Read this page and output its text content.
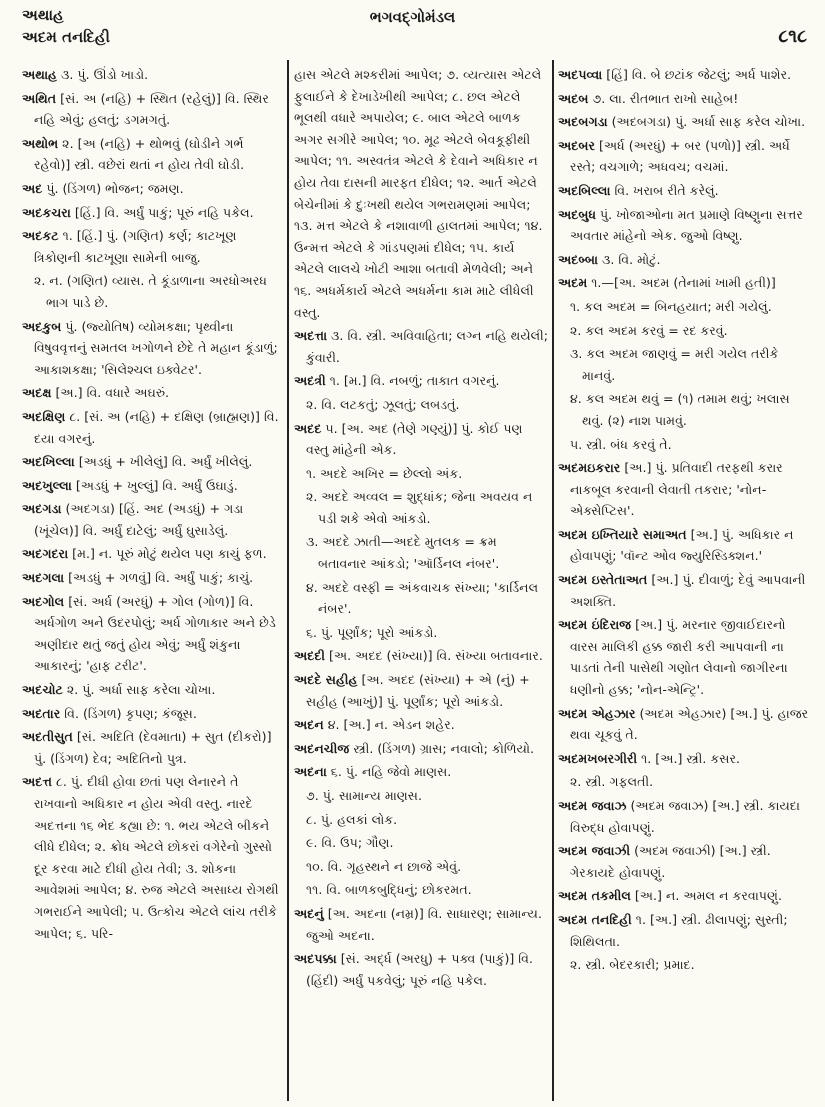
અથાહ
અદમ તનદિહી
ભગવદ્ગોમંડલ
૮૧૮
અથાહ ૩. પું. ઊંડો ખાડો.
અથિત [સં. અ (નહિ) + સ્થિત (રહેલું)] વિ. સ્થિર નહિ એવું; હલતું; ડગમગતું.
અથોભ ૨. [અ (નહિ) + થોભવું (ઘોડીને ગર્ભ રહેવો)] સ્ત્રી. વછેરાં થતાં ન હોય તેવી ઘોડી.
અદ પું. (ડિંગળ) ભોજન; જમણ.
અદકચરા [હિં.] વિ. અર્ધું પાકું; પૂરું નહિ પકેલ.
અદકટ ૧. [હિં.] પું. (ગણિત) કર્ણ; કાટખૂણ ત્રિકોણની કાટખૂણા સામેની બાજુ.
૨. ન. (ગણિત) વ્યાસ. તે કૂંડાળાના અરધોઅરધ ભાગ પાડે છે.
અદકુબ પું. (જ્યોતિષ) વ્યોમકક્ષા; પૃથ્વીના વિષુવવૃત્તનું સમતલ ખગોળને છેદે તે મહાન કૂંડાળું; આકાશકક્ષા; 'સિલેશ્ચલ ઇક્વેટર'.
અદક્ષ [અ.] વિ. વધારે અઘરું.
અદક્ષિણ ૮. [સં. અ (નહિ) + દક્ષિણ (બ્રાહ્મણ)] વિ. દયા વગરનું.
અદખિલ્લા [અડધું + ખીલેલું] વિ. અર્ધું ખીલેલું.
અદખુલ્લા [અડધું + ખુલ્લું] વિ. અર્ધું ઉઘાડું.
અદગડા (અદગડા) [હિં. અદ (અડધું) + ગડા (ખૂંચેલ)] વિ. અર્ધું દાટેલું; અર્ધું ઘુસાડેલું.
અદગદરા [મ.] ન. પૂરું મોટું થયેલ પણ કાચું ફળ.
અદગલા [અડધું + ગળવું] વિ. અર્ધું પાકું; કાચું.
અદગોલ [સં. અર્ધ (અરધું) + ગોલ (ગોળ)] વિ. અર્ધગોળ અને ઉદરપોલું; અર્ધ ગોળાકાર અને છેડે અણીદાર થતું જતું હોય એવું; અર્ધું શંકુના આકારનું; 'હાફ ટરીટ'.
અદચોટ ૨. પું. અર્ધા સાફ કરેલા ચોખા.
અદતાર વિ. (ડિંગળ) કૃપણ; કંજૂસ.
અદતીસુત [સં. અદિતિ (દેવમાતા) + સુત (દીકરો)] પું. (ડિંગળ) દેવ; અદિતિનો પુત્ર.
અદત્ત ૮. પું. દીધી હોવા છતાં પણ લેનારને તે રાખવાનો અધિકાર ન હોય એવી વસ્તુ. નારદે અદત્તના ૧૬ ભેદ કહ્યા છે: ૧. ભય એટલે બીકને લીધે દીધેલ; ૨. ક્રોધ એટલે છોકરાં વગેરેનો ગુસ્સો દૂર કરવા માટે દીધી હોય તેવી; ૩. શોકના આવેશમાં આપેલ; ૪. રુજ એટલે અસાધ્ય રોગથી ગભરાઈને આપેલી; ૫. ઉત્કોચ એટલે લાંચ તરીકે આપેલ; ૬. પરિ-
હાસ એટલે મશ્કરીમાં આપેલ; ૭. વ્યત્યાસ એટલે ફુલાઈને કે દેખાડેખીથી આપેલ; ૮. છલ એટલે ભૂલથી વધારે અપાયેલ; ૯. બાલ એટલે બાળક અગર સગીરે આપેલ; ૧૦. મૂઢ એટલે બેવકૂફીથી આપેલ; ૧૧. અસ્વતંત્ર એટલે કે દેવાને અધિકાર ન હોય તેવા દાસની મારફત દીધેલ; ૧૨. આર્ત એટલે બેચેનીમાં કે દુઃખથી થયેલ ગભરામણમાં આપેલ; ૧૩. મત્ત એટલે કે નશાવાળી હાલતમાં આપેલ; ૧૪. ઉન્મત્ત એટલે કે ગાંડપણમાં દીધેલ; ૧૫. કાર્ય એટલે લાલચે ખોટી આશા બતાવી મેળવેલી; અને ૧૬. અધર્મકાર્ય એટલે અધર્મના કામ માટે લીધેલી વસ્તુ.
અદત્તા ૩. વિ. સ્ત્રી. અવિવાહિતા; લગ્ન નહિ થયેલી; કુંવારી.
અદત્રી ૧. [મ.] વિ. નબળું; તાકાત વગરનું.
૨. વિ. લટકતું; ઝૂલતું; લબડતું.
અદદ ૫. [અ. અદ (તેણે ગણ્યું)] પું. કોઈ પણ વસ્તુ માંહેની એક.
૧. અદદે અખિર = છેલ્લો અંક.
૨. અદદે અવ્વલ = શુદ્ધાંક; જેના અવયવ ન પડી શકે એવો આંકડો.
૩. અદદે ઝાતી—અદદે મુતલક = ક્રમ બતાવનાર આંકડો; 'ઑર્ડિનલ નંબર'.
૪. અદદે વસ્ફી = અંકવાચક સંખ્યા; 'કાર્ડિનલ નંબર'.
૬. પું. પૂર્ણાંક; પૂરો આંકડો.
અદદી [અ. અદદ (સંખ્યા)] વિ. સંખ્યા બતાવનાર.
અદદે સહીહ [અ. અદદ (સંખ્યા) + એ (નું) + સહીહ (આખું)] પું. પૂર્ણાંક; પૂરો આંકડો.
અદન ૪. [અ.] ન. એડન શહેર.
અદનચીજ સ્ત્રી. (ડિંગળ) ગ્રાસ; નવાલો; કોળિયો.
અદના ૬. પું. નહિ જેવો માણસ.
૭. પું. સામાન્ય માણસ.
૮. પું. હલકાં લોક.
૯. વિ. ઉપ; ગૌણ.
૧૦. વિ. ગૃહસ્થને ન છાજે એવું.
૧૧. વિ. બાળકબુદ્ધિનું; છોકરમત.
અદનું [અ. અદના (નમ્ર)] વિ. સાધારણ; સામાન્ય. જુઓ અદના.
અદપક્કા [સં. અર્દ્ધ (અરધુ) + પક્વ (પાકું)] વિ. (હિંદી) અર્ધું પકવેલું; પૂરું નહિ પકેલ.
અદપવ્વા [હિં] વિ. બે છટાંક જેટલું; અર્ધ પાશેર.
અદબ ૭. લા. રીતભાત રાખો સાહેબ!
અદબગડા (અદબગડા) પું. અર્ધા સાફ કરેલ ચોખા.
અદબર [અર્ધ (અરધું) + બર (પળો)] સ્ત્રી. અર્ધે રસ્તે; વચગાળે; અધવચ; વચમાં.
અદબિલ્લા વિ. ખરાબ રીતે કરેલું.
અદબુધ પું. ખોજાઓના મત પ્રમાણે વિષ્ણુના સત્તર અવતાર માંહેનો એક. જુઓ વિષ્ણુ.
અદબ્બા ૩. વિ. મોટું.
અદમ ૧.—[અ. અદમ (તેનામાં ખામી હતી)]
૧. કલ અદમ = બિનહયાત; મરી ગયેલું.
૨. કલ અદમ કરવું = રદ કરવું.
૩. કલ અદમ જાણવું = મરી ગયેલ તરીકે માનવું.
૪. કલ અદમ થવું = (૧) તમામ થવું; ખલાસ થવું. (૨) નાશ પામવું.
૫. સ્ત્રી. બંધ કરવું તે.
અદમઇકરાર [અ.] પું. પ્રતિવાદી તરફથી કરાર નાકબૂલ કરવાની લેવાતી તકરાર; 'નોન-એક્સેપ્ટિસ'.
અદમ ઇખ્તિયારે સમાઅત [અ.] પું. અધિકાર ન હોવાપણું; 'વૉન્ટ ઓવ જ્યુરિસ્ડિક્શન.'
અદમ ઇસ્તેતાઅત [અ.] પું. દીવાળું; દેવું આપવાની અશક્તિ.
અદમ ઇંદિરાજ [અ.] પું. મરનાર જીવાઈદારનો વારસ માલિકી હક્ક જારી કરી આપવાની ના પાડતાં તેની પાસેથી ગણોત લેવાનો જાગીરના ધણીનો હક્ક; 'નોન-એન્ટ્રિ'.
અદમ એહઝાર (અદમ એહઝાર) [અ.] પું. હાજર થવા ચૂકવું તે.
અદમખબરગીરી ૧. [અ.] સ્ત્રી. કસર.
૨. સ્ત્રી. ગફલતી.
અદમ જવાઝ (અદમ જવાઝ) [અ.] સ્ત્રી. કાયદા વિરુદ્ધ હોવાપણું.
અદમ જવાઝી (અદમ જવાઝી) [અ.] સ્ત્રી. ગેરકાયદે હોવાપણું.
અદમ તકમીલ [અ.] ન. અમલ ન કરવાપણું.
અદમ તનદિહી ૧. [અ.] સ્ત્રી. ઢીલાપણું; સુસ્તી; શિથિલતા.
૨. સ્ત્રી. બેદરકારી; પ્રમાદ.
